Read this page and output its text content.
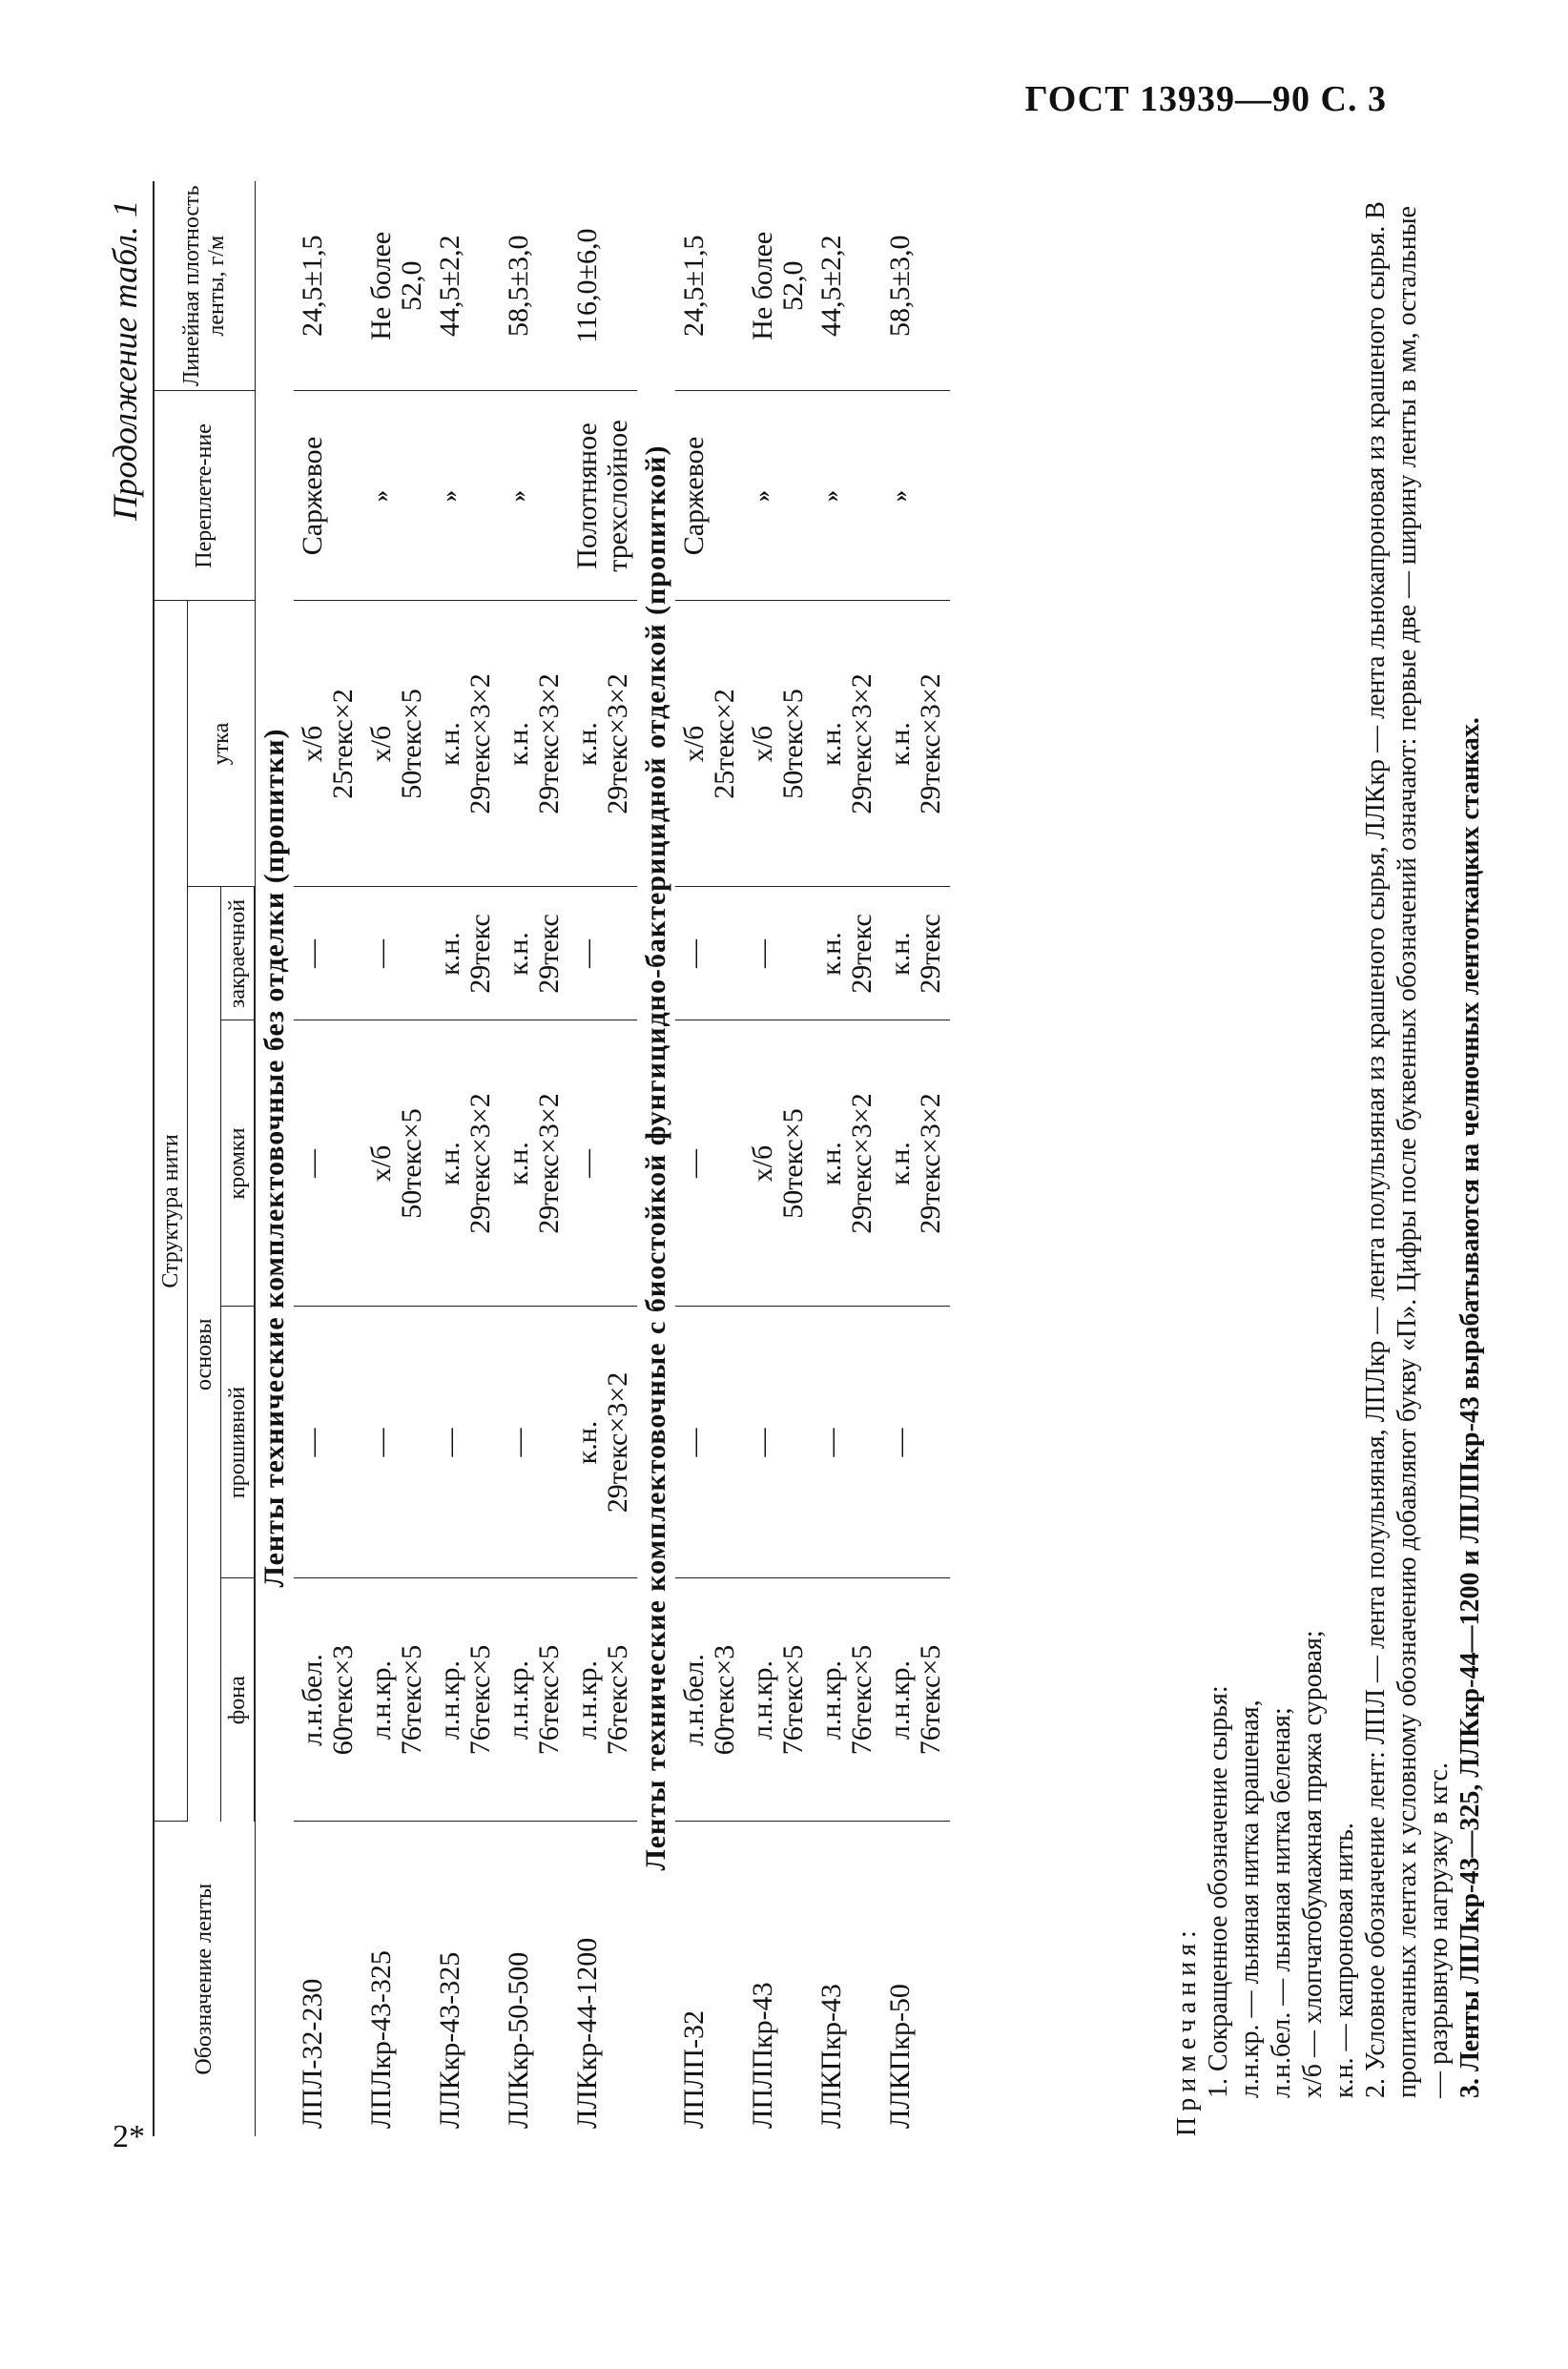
ГОСТ 13939—90 С. 3
2*
Продолжение табл. 1
Обозначение ленты	Структура нити					Переплете-ние	Линейная плотность ленты, г/м
	основы				утка		
	фона	прошивной	кромки	закраечной			
Ленты технические комплектовочные без отделки (пропитки)							
ЛПЛ-32-230	л.н.бел. 60текс×3	—	—	—	х/б 25текс×2	Саржевое	24,5±1,5

ЛПЛкр-43-325	л.н.кр. 76текс×5	—	х/б 50текс×5	—	х/б 50текс×5	»	Не более 52,0

ЛЛКкр-43-325	л.н.кр. 76текс×5	—	к.н. 29текс×3×2	к.н. 29текс	к.н. 29текс×3×2	»	44,5±2,2

ЛЛКкр-50-500	л.н.кр. 76текс×5	—	к.н. 29текс×3×2	к.н. 29текс	к.н. 29текс×3×2	»	58,5±3,0

ЛЛКкр-44-1200	л.н.кр. 76текс×5	к.н. 29текс×3×2	—	—	к.н. 29текс×3×2	Полотняное трехслойное	116,0±6,0

Ленты технические комплектовочные с биостойкой фунгицидно-бактерицидной отделкой (пропиткой)							
ЛПЛП-32	л.н.бел. 60текс×3	—	—	—	х/б 25текс×2	Саржевое	24,5±1,5

ЛПЛПкр-43	л.н.кр. 76текс×5	—	х/б 50текс×5	—	х/б 50текс×5	»	Не более 52,0

ЛЛКПкр-43	л.н.кр. 76текс×5	—	к.н. 29текс×3×2	к.н. 29текс	к.н. 29текс×3×2	»	44,5±2,2

ЛЛКПкр-50	л.н.кр. 76текс×5	—	к.н. 29текс×3×2	к.н. 29текс	к.н. 29текс×3×2	»	58,5±3,0

Примечания: 1. Сокращенное обозначение сырья: л.н.кр. — льняная нитка крашеная, л.н.бел. — льняная нитка беленая; х/б — хлопчатобумажная пряжа суровая; к.н. — капроновая нить. 2. Условное обозначение лент: ЛПЛ — лента полульняная, ЛПЛкр — лента полульняная из крашеного сырья, ЛЛКкр — лента льнокапроновая из крашеного сырья. В пропитанных лентах к условному обозначению добавляют букву «П». Цифры после буквенных обозначений означают: первые две — ширину ленты в мм, остальные — разрывную нагрузку в кгс. 3. Ленты ЛПЛкр-43—325, ЛЛКкр-44—1200 и ЛПЛПкр-43 вырабатываются на челночных лентоткацких станках.
